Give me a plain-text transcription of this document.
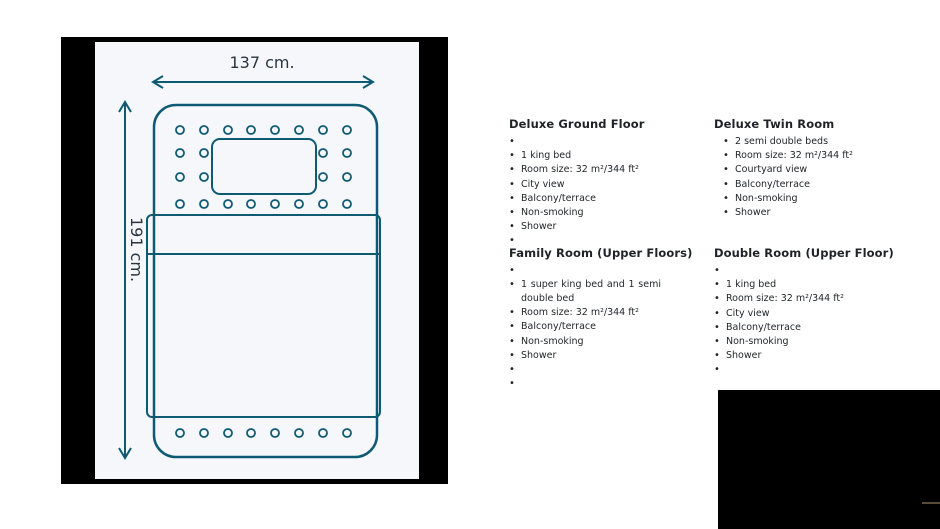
137 cm.
191 cm.
Deluxe Ground Floor
•
• 1 king bed
• Room size: 32 m²/344 ft²
• City view
• Balcony/terrace
• Non-smoking
• Shower
•
Deluxe Twin Room
• 2 semi double beds
• Room size: 32 m²/344 ft²
• Courtyard view
• Balcony/terrace
• Non-smoking
• Shower
Family Room (Upper Floors)
•
• 1 super king bed and 1 semi double bed
• Room size: 32 m²/344 ft²
• Balcony/terrace
• Non-smoking
• Shower
•
•
Double Room (Upper Floor)
•
• 1 king bed
• Room size: 32 m²/344 ft²
• City view
• Balcony/terrace
• Non-smoking
• Shower
•
